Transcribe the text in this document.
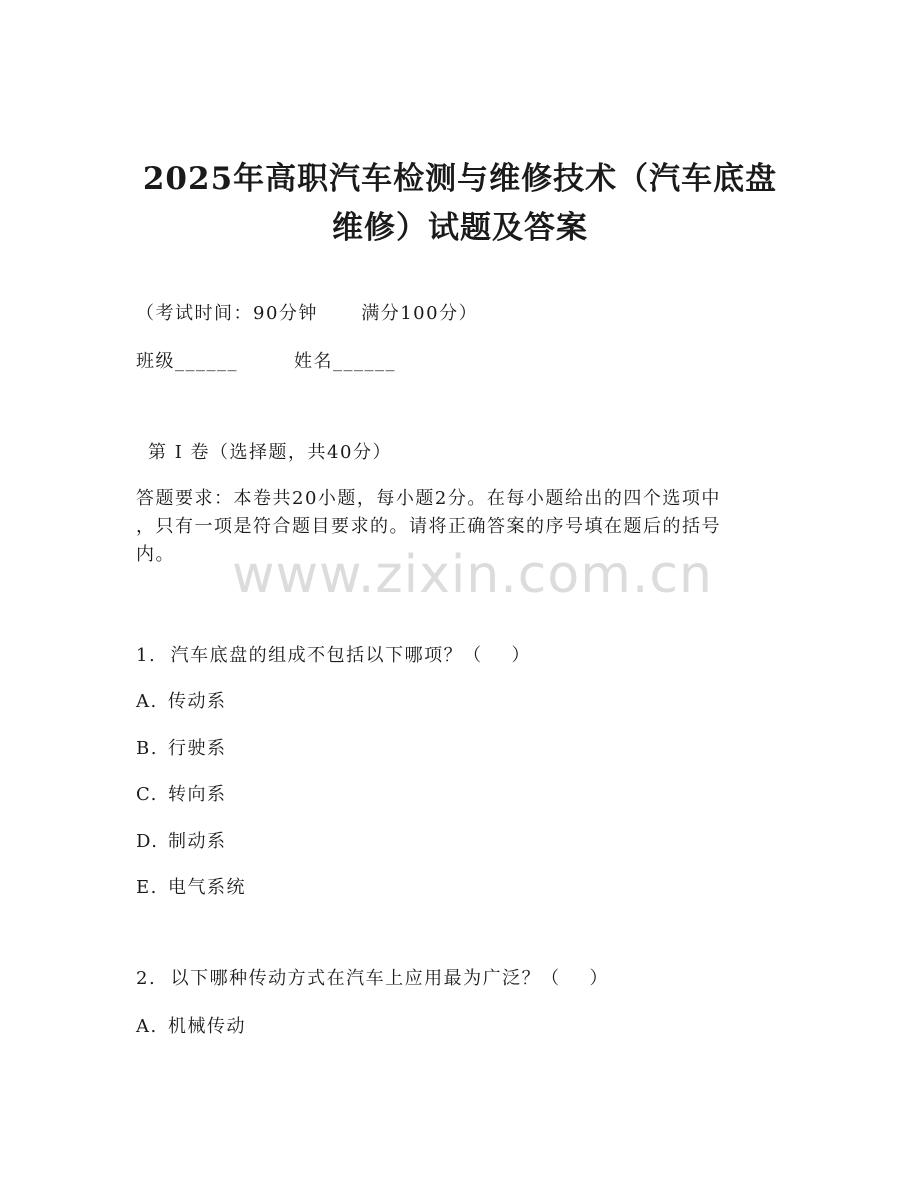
2025年高职汽车检测与维修技术（汽车底盘
维修）试题及答案
（考试时间：90分钟      满分100分）
班级______	姓名______
第 I 卷（选择题，共40分）
答题要求：本卷共20小题，每小题2分。在每小题给出的四个选项中
，只有一项是符合题目要求的。请将正确答案的序号填在题后的括号
内。	www.zixin.com.cn
1.  汽车底盘的组成不包括以下哪项？（    ）
A. 传动系
B. 行驶系
C. 转向系
D. 制动系
E. 电气系统
2.  以下哪种传动方式在汽车上应用最为广泛？（    ）
A. 机械传动
